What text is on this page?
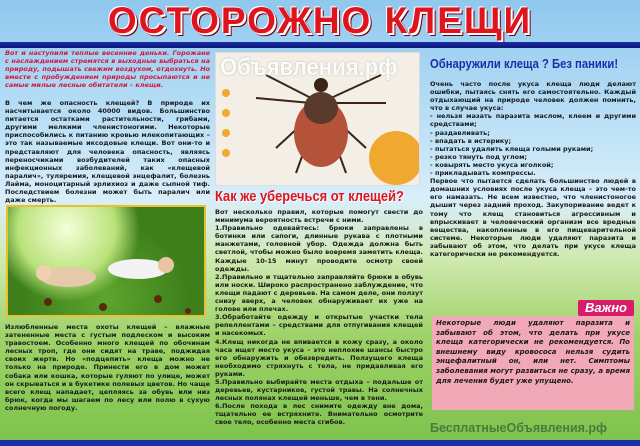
ОСТОРОЖНО КЛЕЩИ

Вот и наступили теплые весенние деньки. Горожане с наслаждением стремятся в выходные выбраться на природу, подышать свежим воздухом, отдохнуть. Но вместе с пробуждением природы просыпаются и не самые милые лесные обитатели – клещи.

В чем же опасность клещей? В природе их насчитывается около 40000 видов. Большинство питается остатками растительности, грибами, другими мелкими членистоногими. Некоторые приспособились к питанию кровью млекопитающих – это так называемые иксодовые клещи. Вот они-то и представляют для человека опасность, являясь переносчиками возбудителей таких опасных инфекционных заболеваний, как «клещевой паралич», туляремия, клещевой энцефалит, болезнь Лайма, моноцитарный эрлихиоз и даже сыпной тиф. Последствием болезни может быть паралич или даже смерть.

Излюбленные места охоты клещей – влажные затененные места с густым подлеском и высоким травостоем. Особенно много клещей по обочинам лесных троп, где они сидят на траве, поджидая своих жертв. Но «подцепить» клеща можно не только на природе. Принести его в дом может собака или кошка, которые гуляют по улице, может он скрываться и в букетике полевых цветов. Но чаще всего клещ нападает, цепляясь за обувь или низ брюк, когда мы шагаем по лесу или полю в сухую солнечную погоду.

Объявления.рф
Как же уберечься от клещей?

Вот несколько правил, которые помогут свести до минимума вероятность встречи с ними.

1.Правильно одевайтесь: брюки заправлены в ботинки или сапоги, длинные рукава с плотными манжетами, головной убор. Одежда должна быть светлой, чтобы можно было вовремя заметить клеща. Каждые 10-15 минут проводите осмотр своей одежды.

2.Правильно и тщательно заправляйте брюки в обувь или носки. Широко распространено заблуждение, что клещи падают с деревьев. На самом деле, они ползут снизу вверх, а человек обнаруживает их уже на голове или плечах.

3.Обработайте одежду и открытые участки тела репеллентами – средствами для отпугивания клещей и насекомых.

4.Клещ никогда не впивается в кожу сразу, а около часа ищет место укуса – это неплохие шансы быстро его обнаружить и обезвредить. Ползущего клеща необходимо стряхнуть с тела, не придавливая его руками.

5.Правильно выбирайте места отдыха – подальше от деревьев, кустарников, густой травы. На солнечных лесных полянах клещей меньше, чем в тени.

6.После похода в лес снимите одежду вне дома, тщательно ее встряхните. Внимательно осмотрите свое тело, особенно места сгибов.

Обнаружили клеща ? Без паники!

Очень часто после укуса клеща люди делают ошибки, пытаясь снять его самостоятельно. Каждый отдыхающий на природе человек должен помнить, что в случае укуса:

- нельзя мазать паразита маслом, клеем и другими средствами;
- раздавливать;
- впадать в истерику;
- пытаться удалить клеща голыми руками;
- резко тянуть под углом;
- ковырять место укуса иголкой;
- прикладывать компрессы.

Первое что пытается сделать большинство людей в домашних условиях после укуса клеща – это чем-то его намазать. Не всем известно, что членистоногое дышит через задний проход. Закупоривание ведет к тому что клещ становиться агрессивным и впрыскивает в человеческий организм все вредные вещества, накопленные в его пищеварительной системе. Некоторые люди удаляют паразита и забывают об этом, что делать при укусе клеща категорически не рекомендуется.

Важно

Некоторые люди удаляют паразита и забывают об этом, что делать при укусе клеща категорически не рекомендуется. По внешнему виду кровососа нельзя судить энцефалитный он, или нет. Симптомы заболевания могут развиться не сразу, а время для лечения будет уже упущено.

БесплатныеОбъявления.рф
